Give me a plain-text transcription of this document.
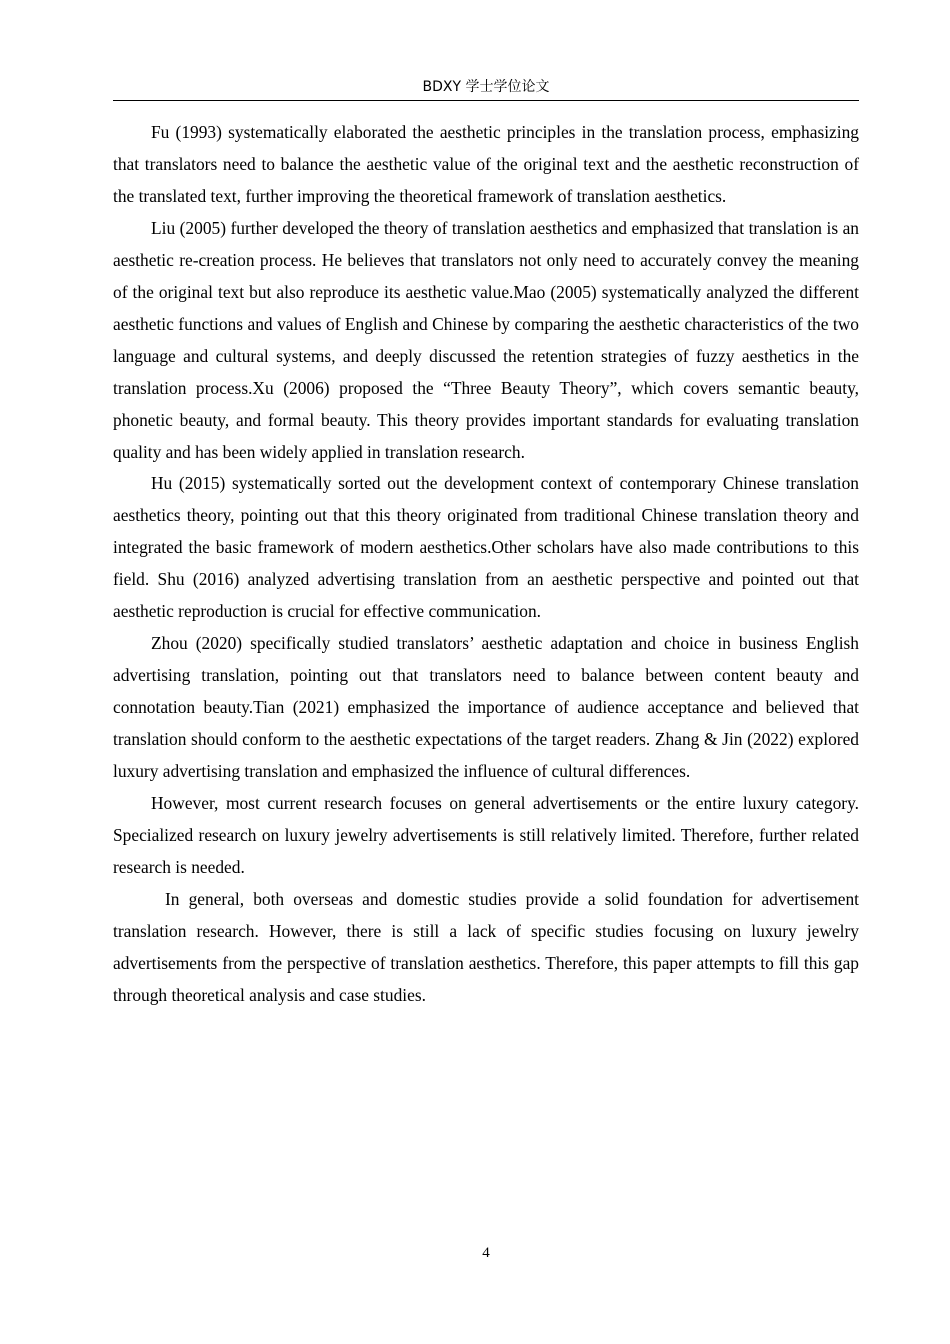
BDXY 学士学位论文

Fu (1993) systematically elaborated the aesthetic principles in the translation process, emphasizing that translators need to balance the aesthetic value of the original text and the aesthetic reconstruction of the translated text, further improving the theoretical framework of translation aesthetics.

Liu (2005) further developed the theory of translation aesthetics and emphasized that translation is an aesthetic re-creation process. He believes that translators not only need to accurately convey the meaning of the original text but also reproduce its aesthetic value.Mao (2005) systematically analyzed the different aesthetic functions and values of English and Chinese by comparing the aesthetic characteristics of the two language and cultural systems, and deeply discussed the retention strategies of fuzzy aesthetics in the translation process.Xu (2006) proposed the “Three Beauty Theory”, which covers semantic beauty, phonetic beauty, and formal beauty. This theory provides important standards for evaluating translation quality and has been widely applied in translation research.

Hu (2015) systematically sorted out the development context of contemporary Chinese translation aesthetics theory, pointing out that this theory originated from traditional Chinese translation theory and integrated the basic framework of modern aesthetics.Other scholars have also made contributions to this field. Shu (2016) analyzed advertising translation from an aesthetic perspective and pointed out that aesthetic reproduction is crucial for effective communication.

Zhou (2020) specifically studied translators’ aesthetic adaptation and choice in business English advertising translation, pointing out that translators need to balance between content beauty and connotation beauty.Tian (2021) emphasized the importance of audience acceptance and believed that translation should conform to the aesthetic expectations of the target readers. Zhang & Jin (2022) explored luxury advertising translation and emphasized the influence of cultural differences.

However, most current research focuses on general advertisements or the entire luxury category. Specialized research on luxury jewelry advertisements is still relatively limited. Therefore, further related research is needed.

In general, both overseas and domestic studies provide a solid foundation for advertisement translation research. However, there is still a lack of specific studies focusing on luxury jewelry advertisements from the perspective of translation aesthetics. Therefore, this paper attempts to fill this gap through theoretical analysis and case studies.

4
